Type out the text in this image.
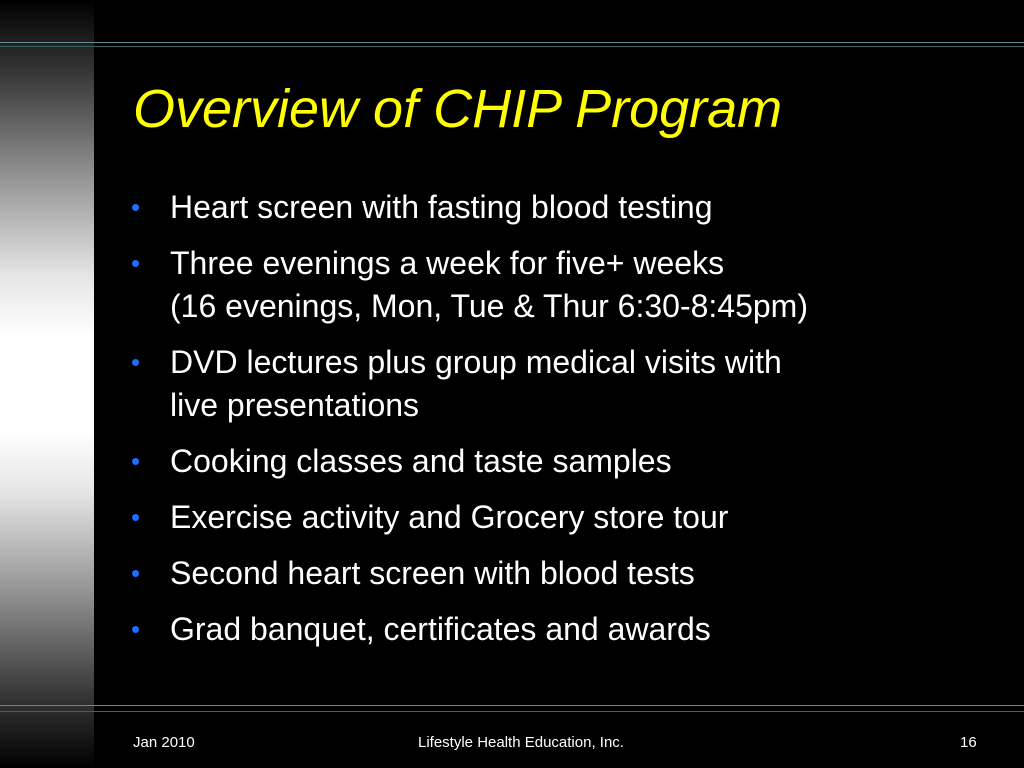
Overview of CHIP Program
• Heart screen with fasting blood testing
• Three evenings a week for five+ weeks
(16 evenings, Mon, Tue & Thur 6:30-8:45pm)
• DVD lectures plus group medical visits with
live presentations
• Cooking classes and taste samples
• Exercise activity and Grocery store tour
• Second heart screen with blood tests
• Grad banquet, certificates and awards
Jan 2010	Lifestyle Health Education, Inc.	16
